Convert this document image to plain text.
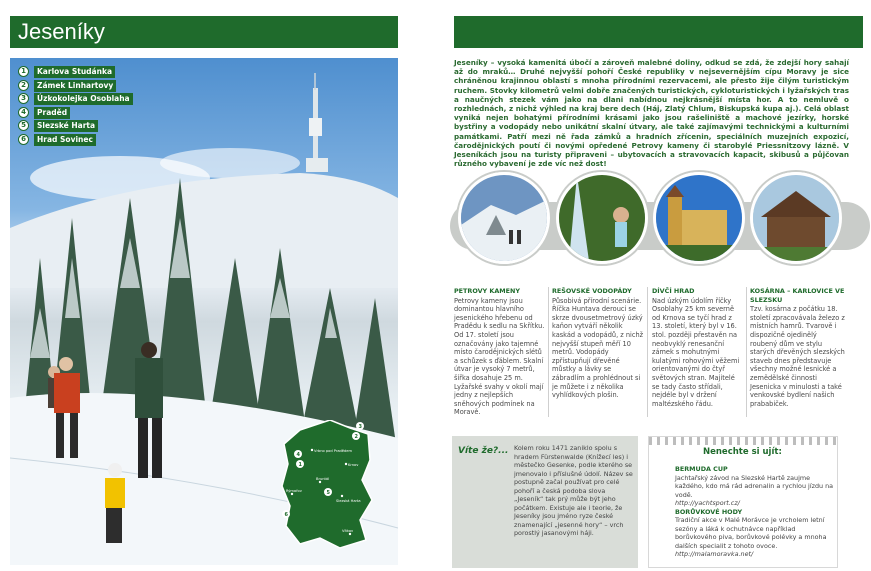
Jeseníky
1	Karlova Studánka
2	Zámek Linhartovy
3	Úzkokolejka Osoblaha
4	Praděd
5	Slezské Harta
6	Hrad Sovinec
Vrbno pod Pradědem
Krnov
Bruntál
Rýmařov
Slezská Harta
Vítkov
1
2
3
4
5
6

Jeseníky – vysoká kamenitá úbočí a zároveň malebné doliny, odkud se zdá, že zdejší hory sahají až do mraků… Druhé nejvyšší pohoří České republiky v nejsevernějším cípu Moravy je sice chráněnou krajinnou oblastí s mnoha přírodními rezervacemi, ale přesto žije čilým turistickým ruchem. Stovky kilometrů velmi dobře značených turistických, cykloturistických i lyžařských tras a naučných stezek vám jako na dlani nabídnou nejkrásnější místa hor. A to nemluvě o rozhlednách, z nichž výhled na kraj bere dech (Háj, Zlatý Chlum, Biskupská kupa aj.). Celá oblast vyniká nejen bohatými přírodními krásami jako jsou rašeliniště a machové jezírky, horské bystřiny a vodopády nebo unikátní skalní útvary, ale také zajímavými technickými a kulturními památkami. Patří mezi ně řada zámků a hradních zřícenin, speciálních muzejních expozicí, čarodějnických poutí či novými opředené Petrovy kameny či starobylé Priessnitzovy lázně. V Jeseníkách jsou na turisty připraveni – ubytovacích a stravovacích kapacit, skibusů a půjčovan různého vybavení je zde víc než dost!

PETROVY KAMENY

Petrovy kameny jsou dominantou hlavního jesenického hřebenu od Pradědu k sedlu na Skřítku. Od 17. století jsou označovány jako tajemné místo čarodějnických slétů a schůzek s ďáblem. Skalní útvar je vysoký 7 metrů, šířka dosahuje 25 m. Lyžařské svahy v okolí mají jedny z nejlepších sněhových podmínek na Moravě.

REŠOVSKÉ VODOPÁDY

Působivá přírodní scenárie. Říčka Huntava derouci se skrze dvousetmetrový úzký kaňon vytváří několik kaskád a vodopádů, z nichž nejvyšší stupeň měří 10 metrů. Vodopády zpřístupňují dřevěné můstky a lávky se zábradlím a prohlédnout si je můžete i z několika vyhlídkových plošin.

DÍVČÍ HRAD

Nad úzkým údolím říčky Osoblahy 25 km severně od Krnova se tyčí hrad z 13. století, který byl v 16. stol. později přestavěn na neobvyklý renesanční zámek s mohutnými kulatými rohovými věžemi orientovanými do čtyř světových stran. Majitelé se tady často střídali, nejdéle byl v držení maltézského řádu.

KOSÁRNA – KARLOVICE VE SLEZSKU

Tzv. kosárna z počátku 18. století zpracovávala železo z místních hamrů. Tvarově i dispozičně ojedinělý roubený dům ve stylu starých dřevěných slezských staveb dnes představuje všechny možné lesnické a zemědělské činnosti Jesenicka v minulosti a také venkovské bydlení našich prababiček.

Víte že?... Kolem roku 1471 zaniklo spolu s hradem Fürstenwalde (Knížecí les) i městečko Gesenke, podle kterého se jmenovalo i příslušné údolí. Název se postupně začal používat pro celé pohoří a česká podoba slova „Jeseník“ tak prý může být jeho počátkem. Existuje ale i teorie, že Jeseníky jsou jméno ryze české znamenající „jesenné hory“ – vrch porostlý jasanovými háji.

Nenechte si ujít:
BERMUDA CUP

Jachtařský závod na Slezské Hartě zaujme každého, kdo má rád adrenalin a rychlou jízdu na vodě.

http://yachtsport.cz/

BORŮVKOVÉ HODY

Tradiční akce v Malé Morávce je vrcholem letní sezóny a láká k ochutnávce například borůvkového piva, borůvkové polévky a mnoha dalších specialit z tohoto ovoce.

http://malamoravka.net/
